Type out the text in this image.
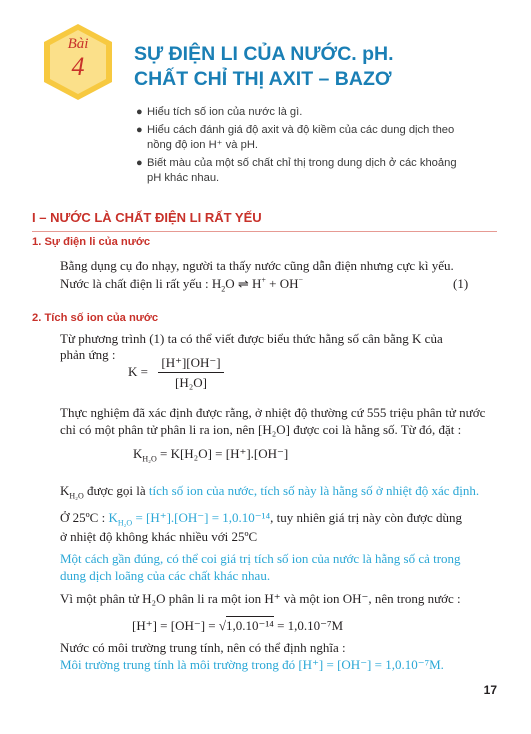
Bài
4	SỰ ĐIỆN LI CỦA NƯỚC. pH.
CHẤT CHỈ THỊ AXIT – BAZƠ
● Hiểu tích số ion của nước là gì.
● Hiểu cách đánh giá độ axit và độ kiềm của các dung dịch theo
nồng độ ion H⁺ và pH.
● Biết màu của một số chất chỉ thị trong dung dịch ở các khoảng
pH khác nhau.
I – NƯỚC LÀ CHẤT ĐIỆN LI RẤT YẾU
1. Sự điện li của nước
Bằng dụng cụ đo nhạy, người ta thấy nước cũng dẫn điện nhưng cực kì yếu.
Nước là chất điện li rất yếu : $H_2O$ ⇌ H+ + OH−	(1)
2. Tích số ion của nước
Từ phương trình (1) ta có thể viết được biểu thức hằng số cân bằng K của
phản ứng :
K =
[H⁺][OH⁻]
[H₂O]
Thực nghiệm đã xác định được rằng, ở nhiệt độ thường cứ 555 triệu phân tử nước
chỉ có một phân tử phân li ra ion, nên [H₂O] được coi là hằng số. Từ đó, đặt :
$K_{H_2O} = K[H_2O] = [H^+].[OH^-]$
$K_{H_2O}$ được gọi là tích số ion của nước, tích số này là hằng số ở nhiệt độ xác định.
Ở 25ºC : $K_{H_2O} = [H^+].[OH^-] = 1,0.10^{-14}$, tuy nhiên giá trị này còn được dùng
ở nhiệt độ không khác nhiều với 25ºC
Một cách gần đúng, có thể coi giá trị tích số ion của nước là hằng số cả trong
dung dịch loãng của các chất khác nhau.
Vì một phân tử H₂O phân li ra một ion H⁺ và một ion OH⁻, nên trong nước :
[H⁺] = [OH⁻] = √1,0.10⁻¹⁴ = 1,0.10⁻⁷M
Nước có môi trường trung tính, nên có thể định nghĩa :
Môi trường trung tính là môi trường trong đó [H⁺] = [OH⁻] = 1,0.10⁻⁷M.
17
